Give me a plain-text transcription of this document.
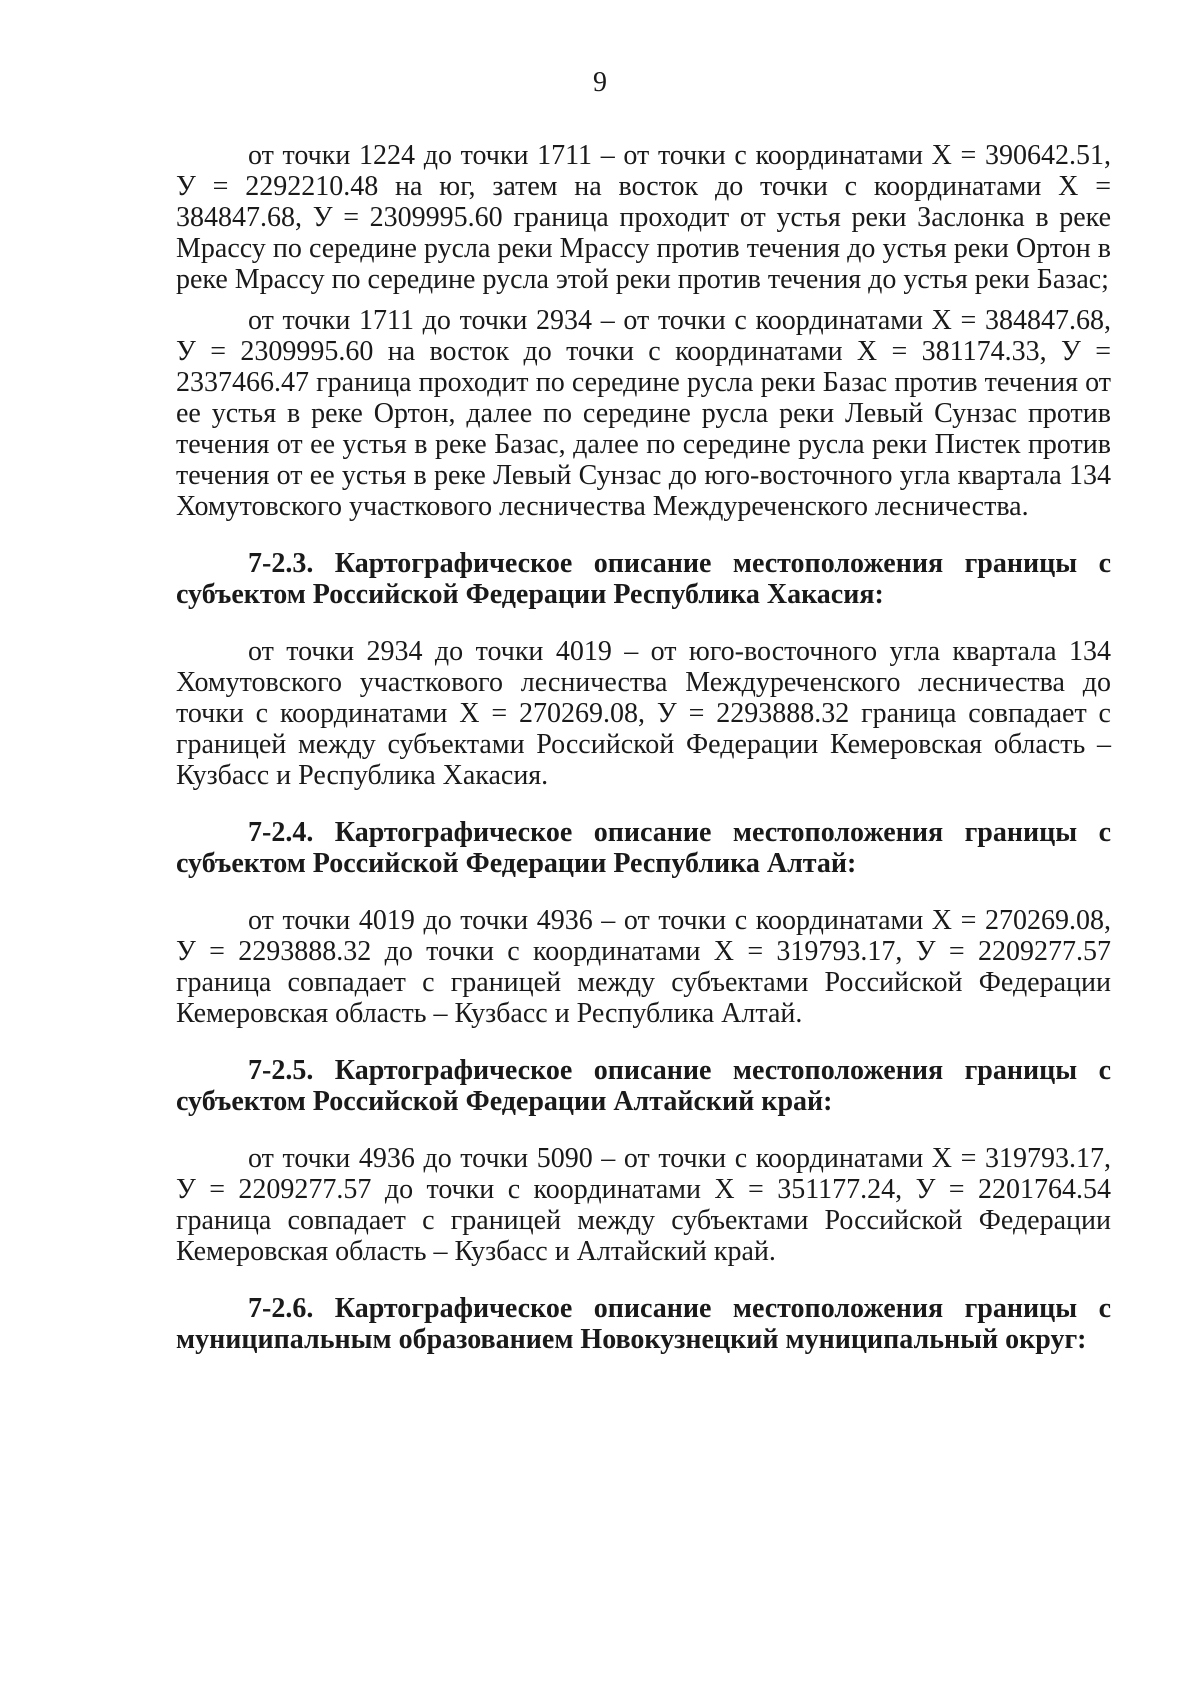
9

от точки 1224 до точки 1711 – от точки с координатами Х = 390642.51, У = 2292210.48 на юг, затем на восток до точки с координатами Х = 384847.68, У = 2309995.60 граница проходит от устья реки Заслонка в реке Мрассу по середине русла реки Мрассу против течения до устья реки Ортон в реке Мрассу по середине русла этой реки против течения до устья реки Базас;

от точки 1711 до точки 2934 – от точки с координатами Х = 384847.68, У = 2309995.60 на восток до точки с координатами Х = 381174.33, У = 2337466.47 граница проходит по середине русла реки Базас против течения от ее устья в реке Ортон, далее по середине русла реки Левый Сунзас против течения от ее устья в реке Базас, далее по середине русла реки Пистек против течения от ее устья в реке Левый Сунзас до юго-восточного угла квартала 134 Хомутовского участкового лесничества Междуреченского лесничества.

7-2.3. Картографическое описание местоположения границы с субъектом Российской Федерации Республика Хакасия:

от точки 2934 до точки 4019 – от юго-восточного угла квартала 134 Хомутовского участкового лесничества Междуреченского лесничества до точки с координатами Х = 270269.08, У = 2293888.32 граница совпадает с границей между субъектами Российской Федерации Кемеровская область – Кузбасс и Республика Хакасия.

7-2.4. Картографическое описание местоположения границы с субъектом Российской Федерации Республика Алтай:

от точки 4019 до точки 4936 – от точки с координатами Х = 270269.08, У = 2293888.32 до точки с координатами Х = 319793.17, У = 2209277.57 граница совпадает с границей между субъектами Российской Федерации Кемеровская область – Кузбасс и Республика Алтай.

7-2.5. Картографическое описание местоположения границы с субъектом Российской Федерации Алтайский край:

от точки 4936 до точки 5090 – от точки с координатами Х = 319793.17, У = 2209277.57 до точки с координатами Х = 351177.24, У = 2201764.54 граница совпадает с границей между субъектами Российской Федерации Кемеровская область – Кузбасс и Алтайский край.

7-2.6. Картографическое описание местоположения границы с муниципальным образованием Новокузнецкий муниципальный округ:
